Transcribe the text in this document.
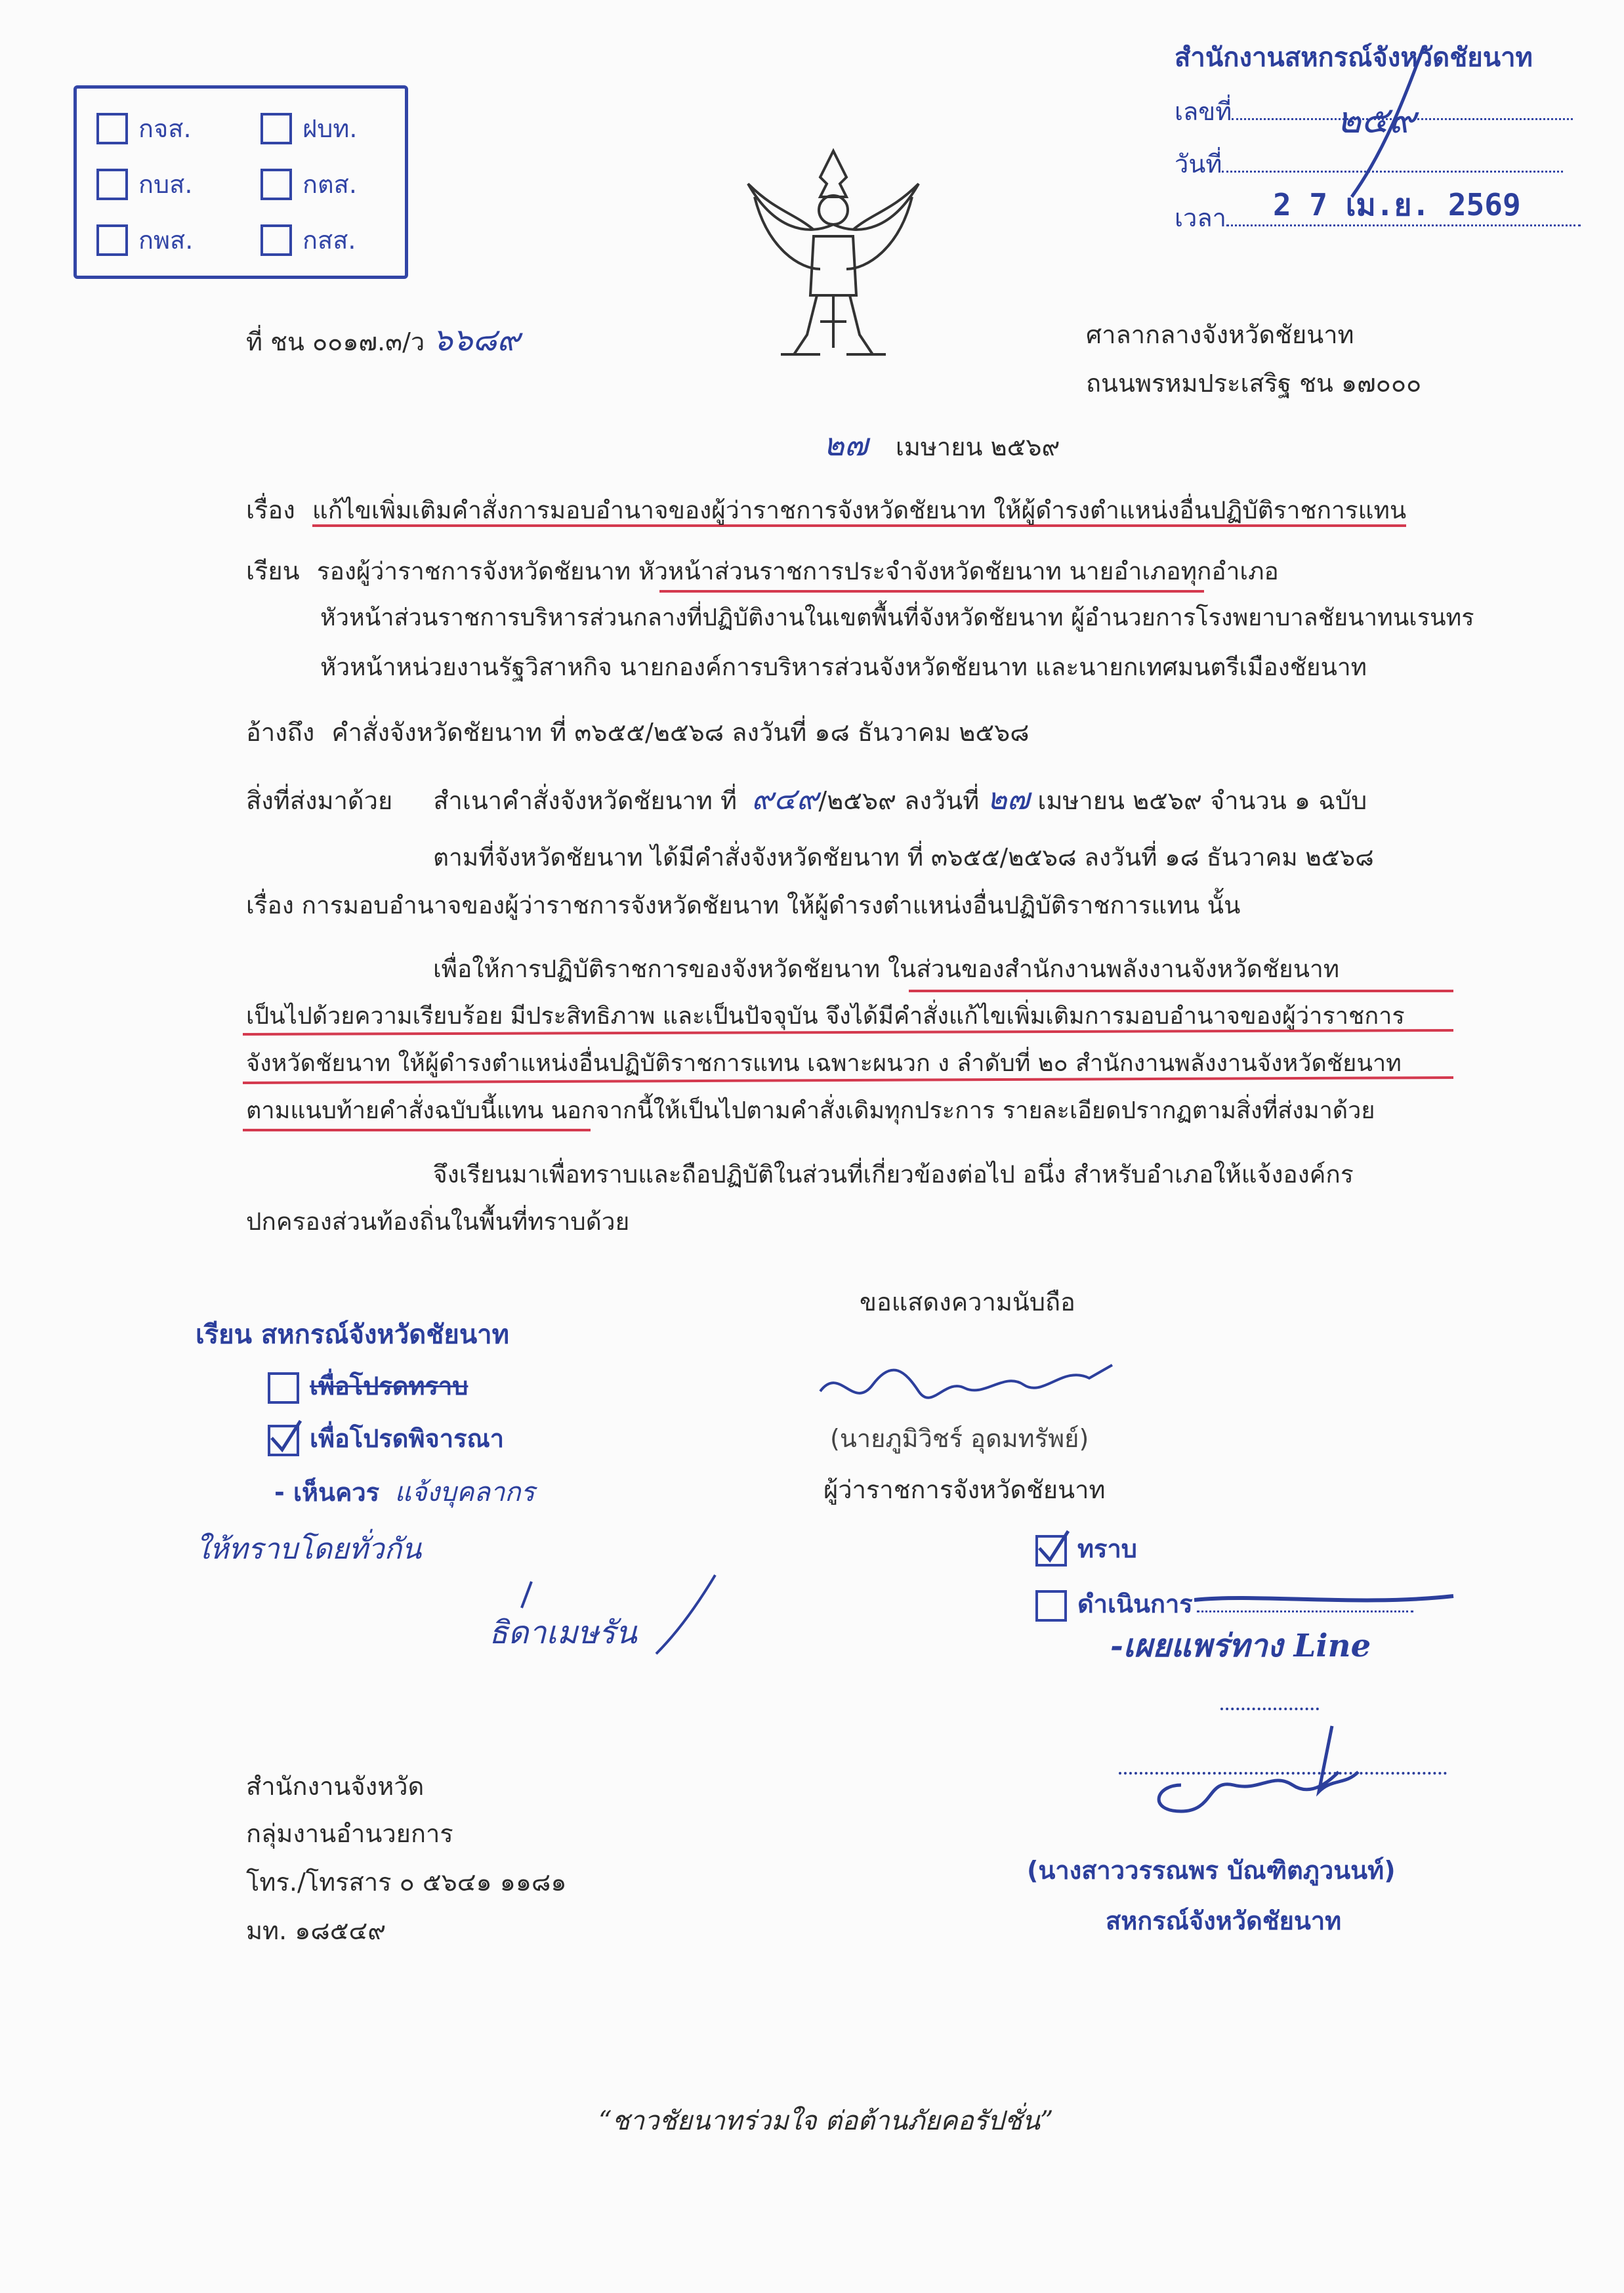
สำนักงานสหกรณ์จังหวัดชัยนาท
เลขที่	๒๕๙
วันที่
2 7 เม.ย. 2569
เวลา
กจส.	ฝบท.
กบส.	กตส.
กพส.	กสส.
ที่ ชน ๐๐๑๗.๓/ว ๖๖๘๙	ศาลากลางจังหวัดชัยนาท
ถนนพรหมประเสริฐ ชน ๑๗๐๐๐
๒๗ เมษายน ๒๕๖๙
เรื่อง แก้ไขเพิ่มเติมคำสั่งการมอบอำนาจของผู้ว่าราชการจังหวัดชัยนาท ให้ผู้ดำรงตำแหน่งอื่นปฏิบัติราชการแทน
เรียน รองผู้ว่าราชการจังหวัดชัยนาท หัวหน้าส่วนราชการประจำจังหวัดชัยนาท นายอำเภอทุกอำเภอ
หัวหน้าส่วนราชการบริหารส่วนกลางที่ปฏิบัติงานในเขตพื้นที่จังหวัดชัยนาท ผู้อำนวยการโรงพยาบาลชัยนาทนเรนทร
หัวหน้าหน่วยงานรัฐวิสาหกิจ นายกองค์การบริหารส่วนจังหวัดชัยนาท และนายกเทศมนตรีเมืองชัยนาท
อ้างถึง คำสั่งจังหวัดชัยนาท ที่ ๓๖๕๕/๒๕๖๘ ลงวันที่ ๑๘ ธันวาคม ๒๕๖๘
สิ่งที่ส่งมาด้วย สำเนาคำสั่งจังหวัดชัยนาท ที่ ๙๔๙/๒๕๖๙ ลงวันที่ ๒๗ เมษายน ๒๕๖๙ จำนวน ๑ ฉบับ
ตามที่จังหวัดชัยนาท ได้มีคำสั่งจังหวัดชัยนาท ที่ ๓๖๕๕/๒๕๖๘ ลงวันที่ ๑๘ ธันวาคม ๒๕๖๘
เรื่อง การมอบอำนาจของผู้ว่าราชการจังหวัดชัยนาท ให้ผู้ดำรงตำแหน่งอื่นปฏิบัติราชการแทน นั้น
เพื่อให้การปฏิบัติราชการของจังหวัดชัยนาท ในส่วนของสำนักงานพลังงานจังหวัดชัยนาท
เป็นไปด้วยความเรียบร้อย มีประสิทธิภาพ และเป็นปัจจุบัน จึงได้มีคำสั่งแก้ไขเพิ่มเติมการมอบอำนาจของผู้ว่าราชการ
จังหวัดชัยนาท ให้ผู้ดำรงตำแหน่งอื่นปฏิบัติราชการแทน เฉพาะผนวก ง ลำดับที่ ๒๐ สำนักงานพลังงานจังหวัดชัยนาท
ตามแนบท้ายคำสั่งฉบับนี้แทน นอกจากนี้ให้เป็นไปตามคำสั่งเดิมทุกประการ รายละเอียดปรากฏตามสิ่งที่ส่งมาด้วย
จึงเรียนมาเพื่อทราบและถือปฏิบัติในส่วนที่เกี่ยวข้องต่อไป อนึ่ง สำหรับอำเภอให้แจ้งองค์กร
ปกครองส่วนท้องถิ่นในพื้นที่ทราบด้วย
ขอแสดงความนับถือ
(นายภูมิวิชร์ อุดมทรัพย์)
ผู้ว่าราชการจังหวัดชัยนาท
เรียน สหกรณ์จังหวัดชัยนาท
เพื่อโปรดทราบ
เพื่อโปรดพิจารณา
- เห็นควร แจ้งบุคลากร
ให้ทราบโดยทั่วกัน
ธิดาเมษรัน
ทราบ
ดำเนินการ
-เผยแพร่ทาง Line
(นางสาววรรณพร บัณฑิตภูวนนท์)
สหกรณ์จังหวัดชัยนาท
สำนักงานจังหวัด
กลุ่มงานอำนวยการ
โทร./โทรสาร ๐ ๕๖๔๑ ๑๑๘๑
มท. ๑๘๕๔๙
“ชาวชัยนาทร่วมใจ ต่อต้านภัยคอรัปชั่น”
